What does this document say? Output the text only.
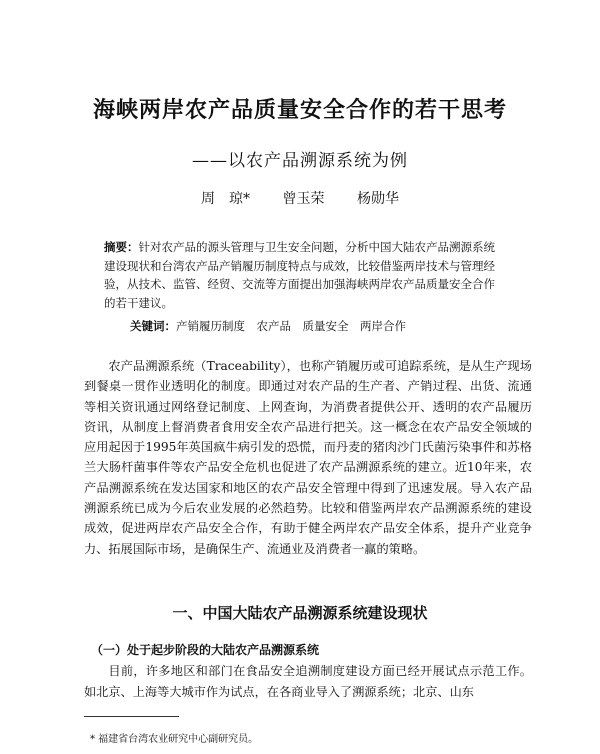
海峡两岸农产品质量安全合作的若干思考
——以农产品溯源系统为例
周　琼* 曾玉荣 杨勋华
摘要：针对农产品的源头管理与卫生安全问题，分析中国大陆农产品溯源系统建设现状和台湾农产品产销履历制度特点与成效，比较借鉴两岸技术与管理经验，从技术、监管、经贸、交流等方面提出加强海峡两岸农产品质量安全合作的若干建议。
关键词：产销履历制度　农产品　质量安全　两岸合作
农产品溯源系统（Traceability），也称产销履历或可追踪系统，是从生产现场到餐桌一贯作业透明化的制度。即通过对农产品的生产者、产销过程、出货、流通等相关资讯通过网络登记制度、上网查询，为消费者提供公开、透明的农产品履历资讯，从制度上督消费者食用安全农产品进行把关。这一概念在农产品安全领域的应用起因于1995年英国疯牛病引发的恐慌，而丹麦的猪肉沙门氏菌污染事件和苏格兰大肠杆菌事件等农产品安全危机也促进了农产品溯源系统的建立。近10年来，农产品溯源系统在发达国家和地区的农产品安全管理中得到了迅速发展。导入农产品溯源系统已成为今后农业发展的必然趋势。比较和借鉴两岸农产品溯源系统的建设成效，促进两岸农产品安全合作，有助于健全两岸农产品安全体系，提升产业竞争力、拓展国际市场，是确保生产、流通业及消费者一赢的策略。
一、中国大陆农产品溯源系统建设现状
（一）处于起步阶段的大陆农产品溯源系统
目前，许多地区和部门在食品安全追溯制度建设方面已经开展试点示范工作。如北京、上海等大城市作为试点，在各商业导入了溯源系统；北京、山东
* 福建省台湾农业研究中心副研究员。
